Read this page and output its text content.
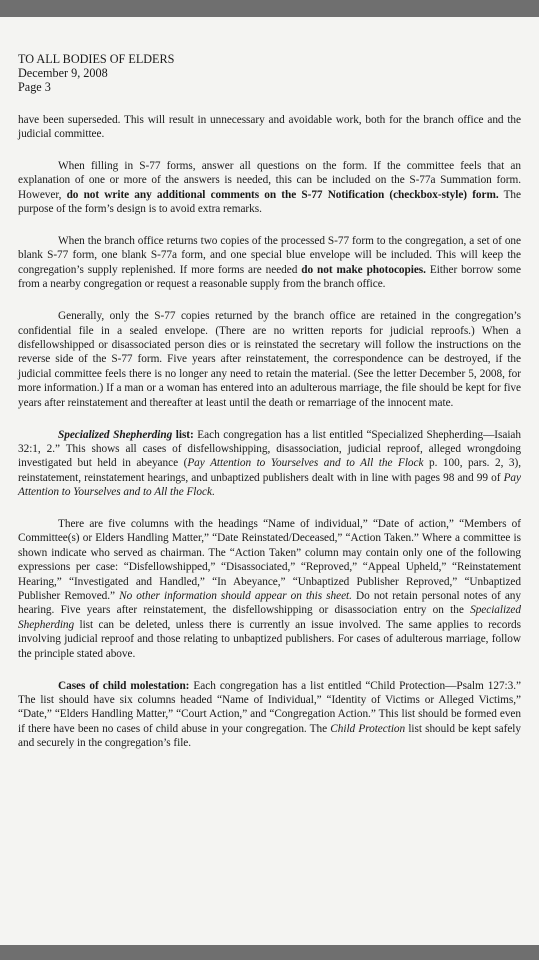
TO ALL BODIES OF ELDERS
December 9, 2008
Page 3

have been superseded. This will result in unnecessary and avoidable work, both for the branch office and the judicial committee.

When filling in S-77 forms, answer all questions on the form. If the committee feels that an explanation of one or more of the answers is needed, this can be included on the S-77a Summation form. However, do not write any additional comments on the S-77 Notification (checkbox-style) form. The purpose of the form’s design is to avoid extra remarks.

When the branch office returns two copies of the processed S-77 form to the congregation, a set of one blank S-77 form, one blank S-77a form, and one special blue envelope will be included. This will keep the congregation’s supply replenished. If more forms are needed do not make photocopies. Either borrow some from a nearby congregation or request a reasonable supply from the branch office.

Generally, only the S-77 copies returned by the branch office are retained in the congregation’s confidential file in a sealed envelope. (There are no written reports for judicial reproofs.) When a disfellowshipped or disassociated person dies or is reinstated the secretary will follow the instructions on the reverse side of the S-77 form. Five years after reinstatement, the correspondence can be destroyed, if the judicial committee feels there is no longer any need to retain the material. (See the letter December 5, 2008, for more information.) If a man or a woman has entered into an adulterous marriage, the file should be kept for five years after reinstatement and thereafter at least until the death or remarriage of the innocent mate.

Specialized Shepherding list: Each congregation has a list entitled “Specialized Shepherding—Isaiah 32:1, 2.” This shows all cases of disfellowshipping, disassociation, judicial reproof, alleged wrongdoing investigated but held in abeyance (Pay Attention to Yourselves and to All the Flock p. 100, pars. 2, 3), reinstatement, reinstatement hearings, and unbaptized publishers dealt with in line with pages 98 and 99 of Pay Attention to Yourselves and to All the Flock.

There are five columns with the headings “Name of individual,” “Date of action,” “Members of Committee(s) or Elders Handling Matter,” “Date Reinstated/Deceased,” “Action Taken.” Where a committee is shown indicate who served as chairman. The “Action Taken” column may contain only one of the following expressions per case: “Disfellowshipped,” “Disassociated,” “Reproved,” “Appeal Upheld,” “Reinstatement Hearing,” “Investigated and Handled,” “In Abeyance,” “Unbaptized Publisher Reproved,” “Unbaptized Publisher Removed.” No other information should appear on this sheet. Do not retain personal notes of any hearing. Five years after reinstatement, the disfellowshipping or disassociation entry on the Specialized Shepherding list can be deleted, unless there is currently an issue involved. The same applies to records involving judicial reproof and those relating to unbaptized publishers. For cases of adulterous marriage, follow the principle stated above.

Cases of child molestation: Each congregation has a list entitled “Child Protection—Psalm 127:3.” The list should have six columns headed “Name of Individual,” “Identity of Victims or Alleged Victims,” “Date,” “Elders Handling Matter,” “Court Action,” and “Congregation Action.” This list should be formed even if there have been no cases of child abuse in your congregation. The Child Protection list should be kept safely and securely in the congregation’s file.
